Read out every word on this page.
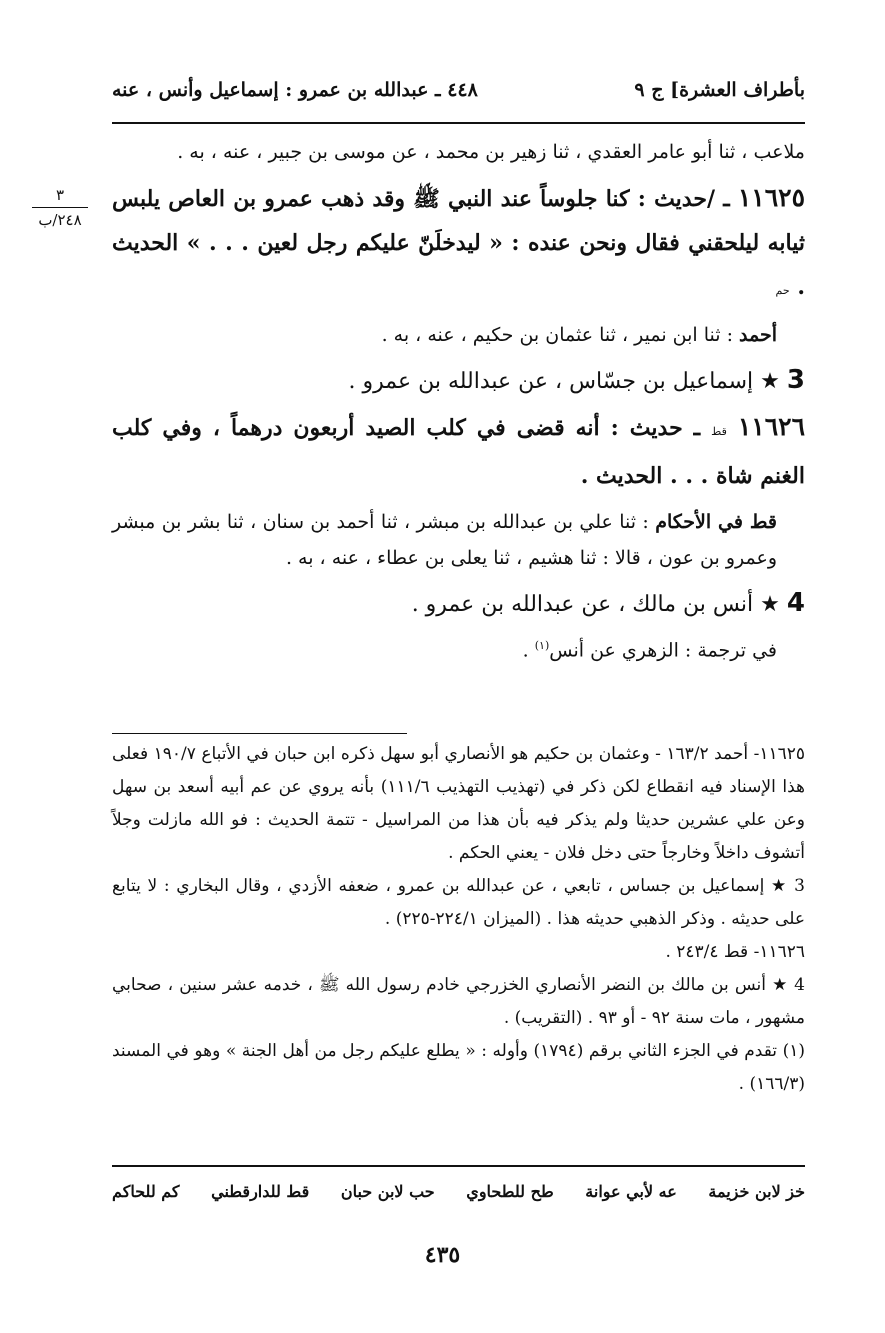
بأطراف العشرة] ج ٩
٤٤٨ ـ عبدالله بن عمرو : إسماعيل وأنس ، عنه
٣
٢٤٨/ب

ملاعب ، ثنا أبو عامر العقدي ، ثنا زهير بن محمد ، عن موسى بن جبير ، عنه ، به .

١١٦٢٥ ـ /حديث : كنا جلوساً عند النبي ﷺ وقد ذهب عمرو بن العاص يلبس ثيابه ليلحقني فقال ونحن عنده : « ليدخلَنّ عليكم رجل لعين . . . » الحديث . حم

أحمد : ثنا ابن نمير ، ثنا عثمان بن حكيم ، عنه ، به .

3 ★ إسماعيل بن جسّاس ، عن عبدالله بن عمرو .

١١٦٢٦ قط ـ حديث : أنه قضى في كلب الصيد أربعون درهماً ، وفي كلب الغنم شاة . . . الحديث .

قط في الأحكام : ثنا علي بن عبدالله بن مبشر ، ثنا أحمد بن سنان ، ثنا بشر بن مبشر وعمرو بن عون ، قالا : ثنا هشيم ، ثنا يعلى بن عطاء ، عنه ، به .

4 ★ أنس بن مالك ، عن عبدالله بن عمرو .

في ترجمة : الزهري عن أنس$^{(١)}$ .

١١٦٢٥- أحمد ١٦٣/٢ - وعثمان بن حكيم هو الأنصاري أبو سهل ذكره ابن حبان في الأتباع ١٩٠/٧ فعلى هذا الإسناد فيه انقطاع لكن ذكر في (تهذيب التهذيب ١١١/٦) بأنه يروي عن عم أبيه أسعد بن سهل وعن علي عشرين حديثا ولم يذكر فيه بأن هذا من المراسيل - تتمة الحديث : فو الله مازلت وجلاً أتشوف داخلاً وخارجاً حتى دخل فلان - يعني الحكم .

3 ★ إسماعيل بن جساس ، تابعي ، عن عبدالله بن عمرو ، ضعفه الأزدي ، وقال البخاري : لا يتابع على حديثه . وذكر الذهبي حديثه هذا . (الميزان ٢٢٤/١-٢٢٥) .

١١٦٢٦- قط ٢٤٣/٤ .

4 ★ أنس بن مالك بن النضر الأنصاري الخزرجي خادم رسول الله ﷺ ، خدمه عشر سنين ، صحابي مشهور ، مات سنة ٩٢ - أو ٩٣ . (التقريب) .

(١) تقدم في الجزء الثاني برقم (١٧٩٤) وأوله : « يطلع عليكم رجل من أهل الجنة » وهو في المسند (١٦٦/٣) .

خز لابن خزيمة
عه لأبي عوانة
طح للطحاوي
حب لابن حبان
قط للدارقطني
كم للحاكم
٤٣٥
